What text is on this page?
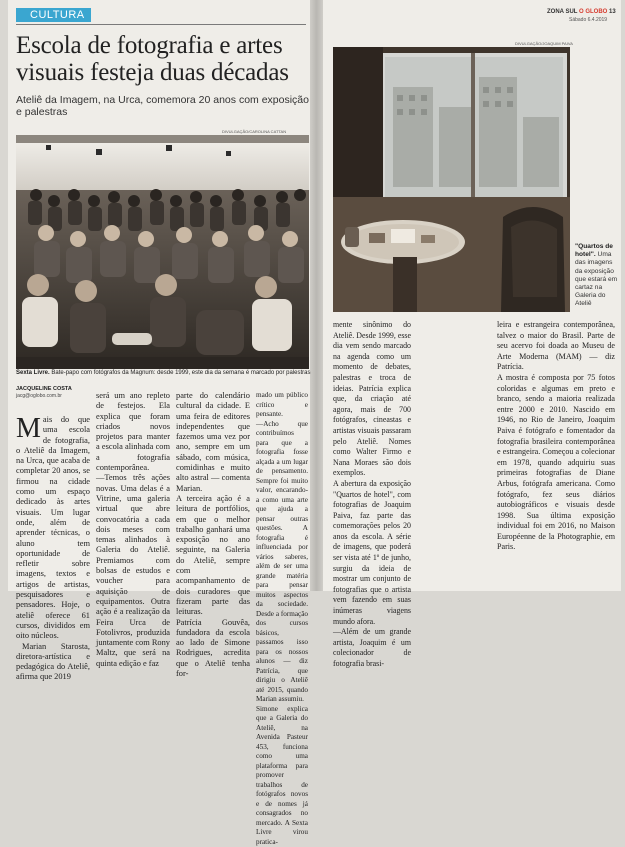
CULTURA
Escola de fotografia e artes visuais festeja duas décadas
Ateliê da Imagem, na Urca, comemora 20 anos com exposição e palestras
DIVULGAÇÃO/CAROLINA CATTAN
Sexta Livre. Bate-papo com fotógrafos da Magnum: desde 1999, este dia da semana é marcado por palestras
JACQUELINE COSTA
jacg@oglobo.com.br

Mais do que uma escola de fotografia, o Ateliê da Imagem, na Urca, que acaba de completar 20 anos, se firmou na cidade como um espaço dedicado às artes visuais. Um lugar onde, além de aprender técnicas, o aluno tem oportunidade de refletir sobre imagens, textos e artigos de artistas, pesquisadores e pensadores. Hoje, o ateliê oferece 61 cursos, divididos em oito núcleos.

Marian Starosta, diretora-artística e pedagógica do Ateliê, afirma que 2019

será um ano repleto de festejos. Ela explica que foram criados novos projetos para manter a escola alinhada com a fotografia contemporânea.
—Temos três ações novas. Uma delas é a Vitrine, uma galeria virtual que abre convocatória a cada dois meses com temas alinhados à Galeria do Ateliê. Premiamos com bolsas de estudos e voucher para aquisição de equipamentos. Outra ação é a realização da Feira Urca de Fotolivros, produzida juntamente com Rony Maltz, que será na quinta edição e faz
parte do calendário cultural da cidade. E uma feira de editores independentes que fazemos uma vez por ano, sempre em um sábado, com música, comidinhas e muito alto astral — comenta Marian.
A terceira ação é a leitura de portfólios, em que o melhor trabalho ganhará uma exposição no ano seguinte, na Galeria do Ateliê, sempre com acompanhamento de dois curadores que fizeram parte das leituras.
Patrícia Gouvêa, fundadora da escola ao lado de Simone Rodrigues, acredita que o Ateliê tenha for-
mado um público crítico e pensante.
—Acho que contribuímos para que a fotografia fosse alçada a um lugar de pensamento. Sempre foi muito valor, encarando-a como uma arte que ajuda a pensar outras questões. A fotografia é influenciada por vários saberes, além de ser uma grande matéria para pensar muitos aspectos da sociedade. Desde a formação dos cursos básicos, passamos isso para os nossos alunos — diz Patrícia, que dirigiu o Ateliê até 2015, quando Marian assumiu.
Simone explica que a Galeria do Ateliê, na Avenida Pasteur 453, funciona como uma plataforma para promover trabalhos de fotógrafos novos e de nomes já consagrados no mercado. A Sexta Livre virou pratica-
ZONA SUL O GLOBO 13
Sábado 6.4.2019
DIVULGAÇÃO/JOAQUIM PAIVA
"Quartos de hotel". Uma das imagens da exposição que estará em cartaz na Galeria do Ateliê
mente sinônimo do Ateliê. Desde 1999, esse dia vem sendo marcado na agenda como um momento de debates, palestras e troca de ideias. Patrícia explica que, da criação até agora, mais de 700 fotógrafos, cineastas e artistas visuais passaram pelo Ateliê. Nomes como Walter Firmo e Nana Moraes são dois exemplos.
A abertura da exposição "Quartos de hotel", com fotografias de Joaquim Paiva, faz parte das comemorações pelos 20 anos da escola. A série de imagens, que poderá ser vista até 1º de junho, surgiu da ideia de mostrar um conjunto de fotografias que o artista vem fazendo em suas inúmeras viagens mundo afora.
—Além de um grande artista, Joaquim é um colecionador de fotografia brasi-
leira e estrangeira contemporânea, talvez o maior do Brasil. Parte de seu acervo foi doada ao Museu de Arte Moderna (MAM) — diz Patrícia.
A mostra é composta por 75 fotos coloridas e algumas em preto e branco, sendo a maioria realizada entre 2000 e 2010. Nascido em 1946, no Rio de Janeiro, Joaquim Paiva é fotógrafo e fomentador da fotografia brasileira contemporânea e estrangeira. Começou a colecionar em 1978, quando adquiriu suas primeiras fotografias de Diane Arbus, fotógrafa americana. Como fotógrafo, fez seus diários autobiográficos e visuais desde 1998. Sua última exposição individual foi em 2016, no Maison Européenne de la Photographie, em Paris.
